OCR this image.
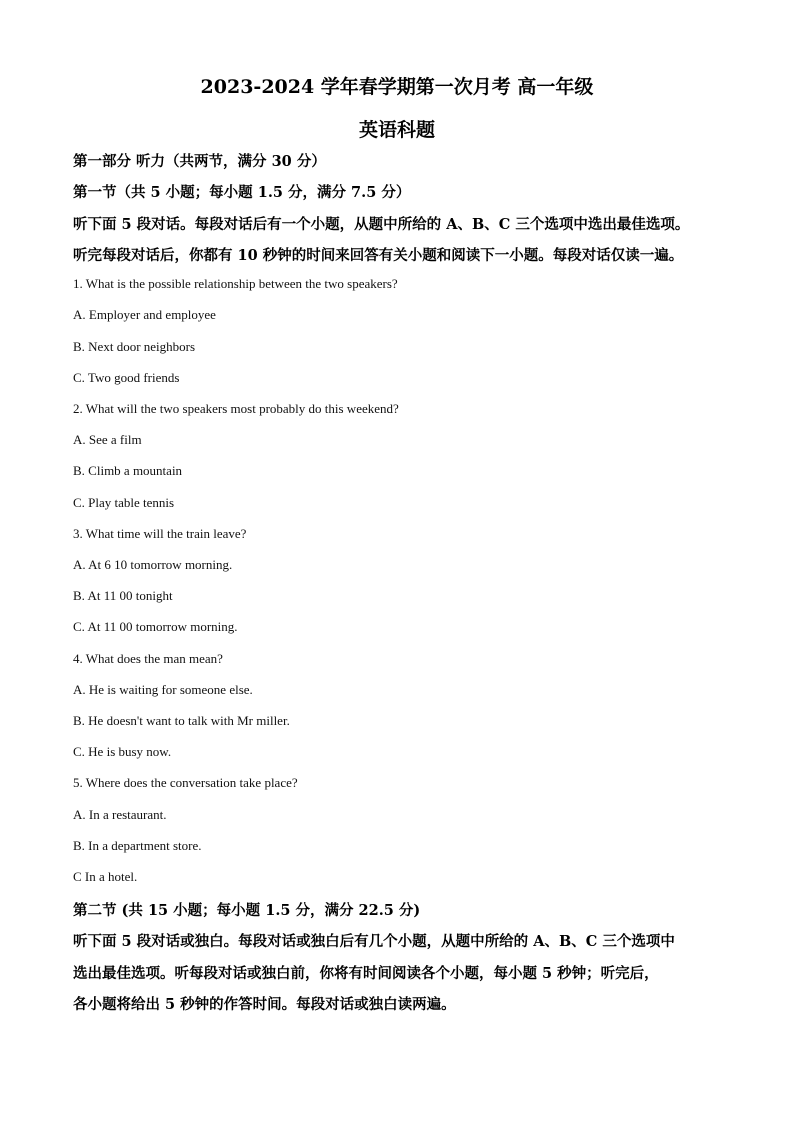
2023-2024 学年春学期第一次月考 高一年级
英语科题
第一部分 听力（共两节，满分 30 分）
第一节（共 5 小题；每小题 1.5 分，满分 7.5 分）
听下面 5 段对话。每段对话后有一个小题，从题中所给的 A、B、C 三个选项中选出最佳选项。
听完每段对话后，你都有 10 秒钟的时间来回答有关小题和阅读下一小题。每段对话仅读一遍。
1. What is the possible relationship between the two speakers?
A. Employer and employee
B. Next door neighbors
C. Two good friends
2. What will the two speakers most probably do this weekend?
A. See a film
B. Climb a mountain
C. Play table tennis
3. What time will the train leave?
A. At 6 10 tomorrow morning.
B. At 11 00 tonight
C. At 11 00 tomorrow morning.
4. What does the man mean?
A. He is waiting for someone else.
B. He doesn't want to talk with Mr miller.
C. He is busy now.
5. Where does the conversation take place?
A. In a restaurant.
B. In a department store.
C In a hotel.
第二节 (共 15 小题；每小题 1.5 分，满分 22.5 分)
听下面 5 段对话或独白。每段对话或独白后有几个小题，从题中所给的 A、B、C 三个选项中
选出最佳选项。听每段对话或独白前，你将有时间阅读各个小题，每小题 5 秒钟；听完后，
各小题将给出 5 秒钟的作答时间。每段对话或独白读两遍。
